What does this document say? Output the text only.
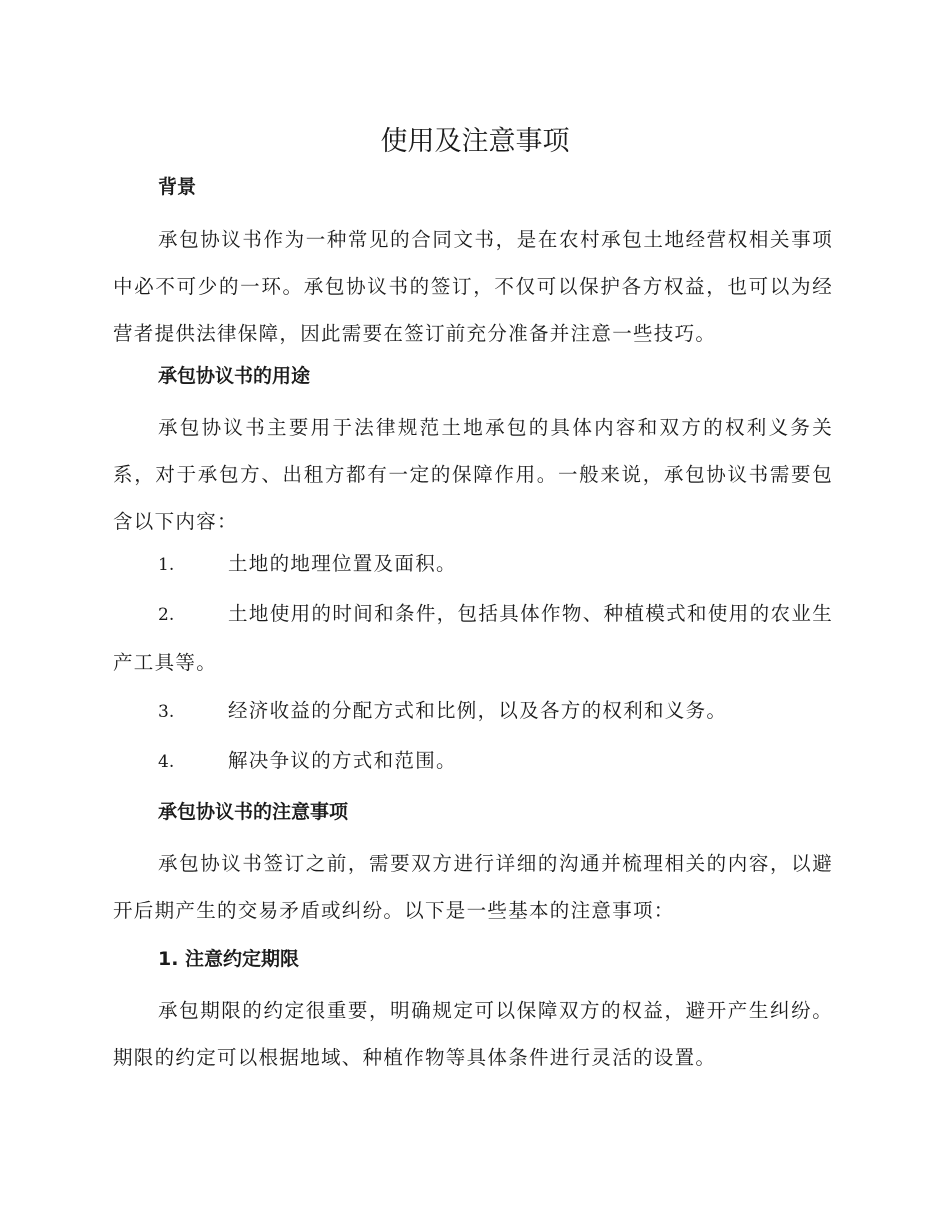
使用及注意事项
背景

承包协议书作为一种常见的合同文书，是在农村承包土地经营权相关事项中必不可少的一环。承包协议书的签订，不仅可以保护各方权益，也可以为经营者提供法律保障，因此需要在签订前充分准备并注意一些技巧。

承包协议书的用途

承包协议书主要用于法律规范土地承包的具体内容和双方的权利义务关系，对于承包方、出租方都有一定的保障作用。一般来说，承包协议书需要包含以下内容：

1.	土地的地理位置及面积。

2.	土地使用的时间和条件，包括具体作物、种植模式和使用的农业生产工具等。

3.	经济收益的分配方式和比例，以及各方的权利和义务。

4.	解决争议的方式和范围。

承包协议书的注意事项

承包协议书签订之前，需要双方进行详细的沟通并梳理相关的内容，以避开后期产生的交易矛盾或纠纷。以下是一些基本的注意事项：

1. 注意约定期限

承包期限的约定很重要，明确规定可以保障双方的权益，避开产生纠纷。期限的约定可以根据地域、种植作物等具体条件进行灵活的设置。
